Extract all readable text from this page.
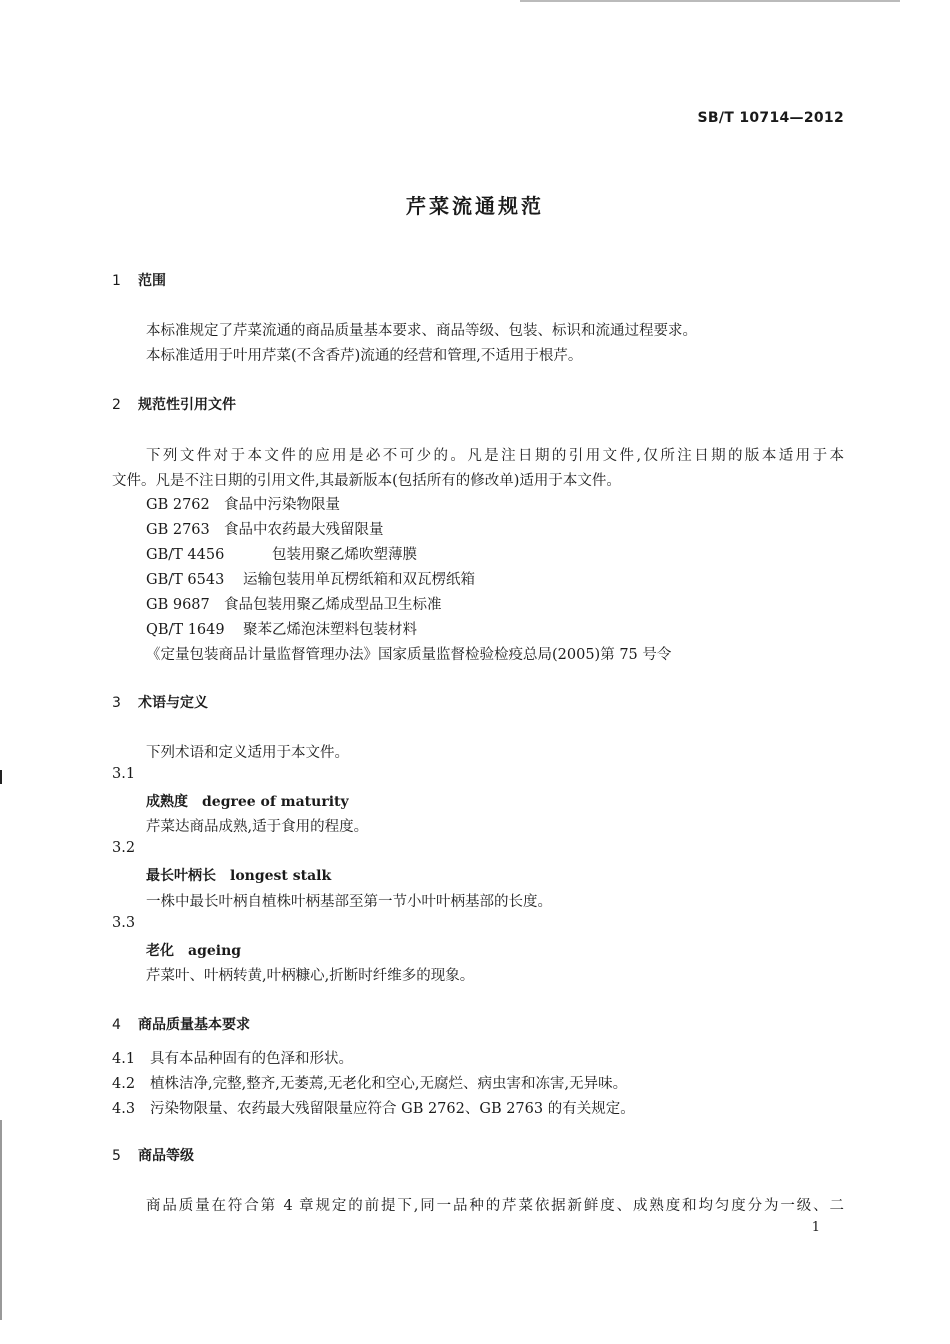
SB/T 10714—2012
芹菜流通规范
1 范围
本标准规定了芹菜流通的商品质量基本要求、商品等级、包装、标识和流通过程要求。
本标准适用于叶用芹菜(不含香芹)流通的经营和管理,不适用于根芹。
2 规范性引用文件
下列文件对于本文件的应用是必不可少的。凡是注日期的引用文件,仅所注日期的版本适用于本
文件。凡是不注日期的引用文件,其最新版本(包括所有的修改单)适用于本文件。
GB 2762 食品中污染物限量
GB 2763 食品中农药最大残留限量
GB/T 4456	包装用聚乙烯吹塑薄膜
GB/T 6543 运输包装用单瓦楞纸箱和双瓦楞纸箱
GB 9687 食品包装用聚乙烯成型品卫生标准
QB/T 1649 聚苯乙烯泡沫塑料包装材料
《定量包装商品计量监督管理办法》国家质量监督检验检疫总局(2005)第 75 号令
3 术语与定义
下列术语和定义适用于本文件。
3.1
成熟度 degree of maturity
芹菜达商品成熟,适于食用的程度。
3.2
最长叶柄长 longest stalk
一株中最长叶柄自植株叶柄基部至第一节小叶叶柄基部的长度。
3.3
老化 ageing
芹菜叶、叶柄转黄,叶柄糠心,折断时纤维多的现象。
4 商品质量基本要求
4.1 具有本品种固有的色泽和形状。
4.2 植株洁净,完整,整齐,无萎蔫,无老化和空心,无腐烂、病虫害和冻害,无异味。
4.3 污染物限量、农药最大残留限量应符合 GB 2762、GB 2763 的有关规定。
5 商品等级
商品质量在符合第 4 章规定的前提下,同一品种的芹菜依据新鲜度、成熟度和均匀度分为一级、二
1
